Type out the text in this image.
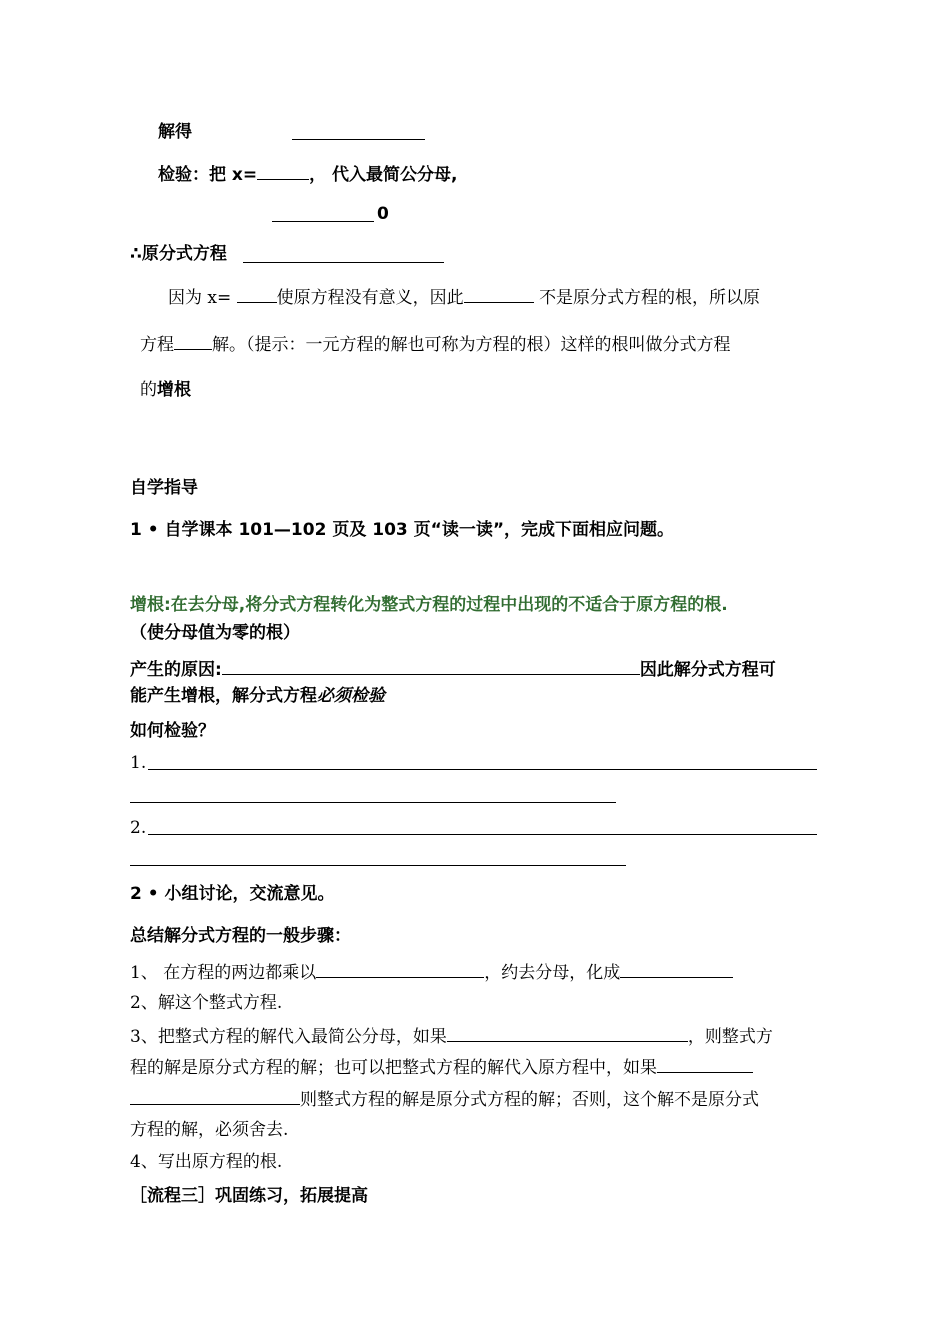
解得
检验：把 x=	， 代入最简公分母,
0
∴原分式方程
因为 x=	使原方程没有意义，因此	不是原分式方程的根，所以原
方程 解。（提示：一元方程的解也可称为方程的根）这样的根叫做分式方程
的增根
自学指导
1 • 自学课本 101—102 页及 103 页“读一读”，完成下面相应问题。
增根:在去分母,将分式方程转化为整式方程的过程中出现的不适合于原方程的根.
（使分母值为零的根）
产生的原因:	因此解分式方程可
能产生增根，解分式方程必须检验
如何检验？
1.
2.
2 • 小组讨论，交流意见。
总结解分式方程的一般步骤：
1、 在方程的两边都乘以	，约去分母，化成
2、解这个整式方程.
3、把整式方程的解代入最简公分母，如果	，则整式方
程的解是原分式方程的解；也可以把整式方程的解代入原方程中，如果
则整式方程的解是原分式方程的解；否则，这个解不是原分式
方程的解，必须舍去.
4、写出原方程的根.
［流程三］巩固练习，拓展提高
